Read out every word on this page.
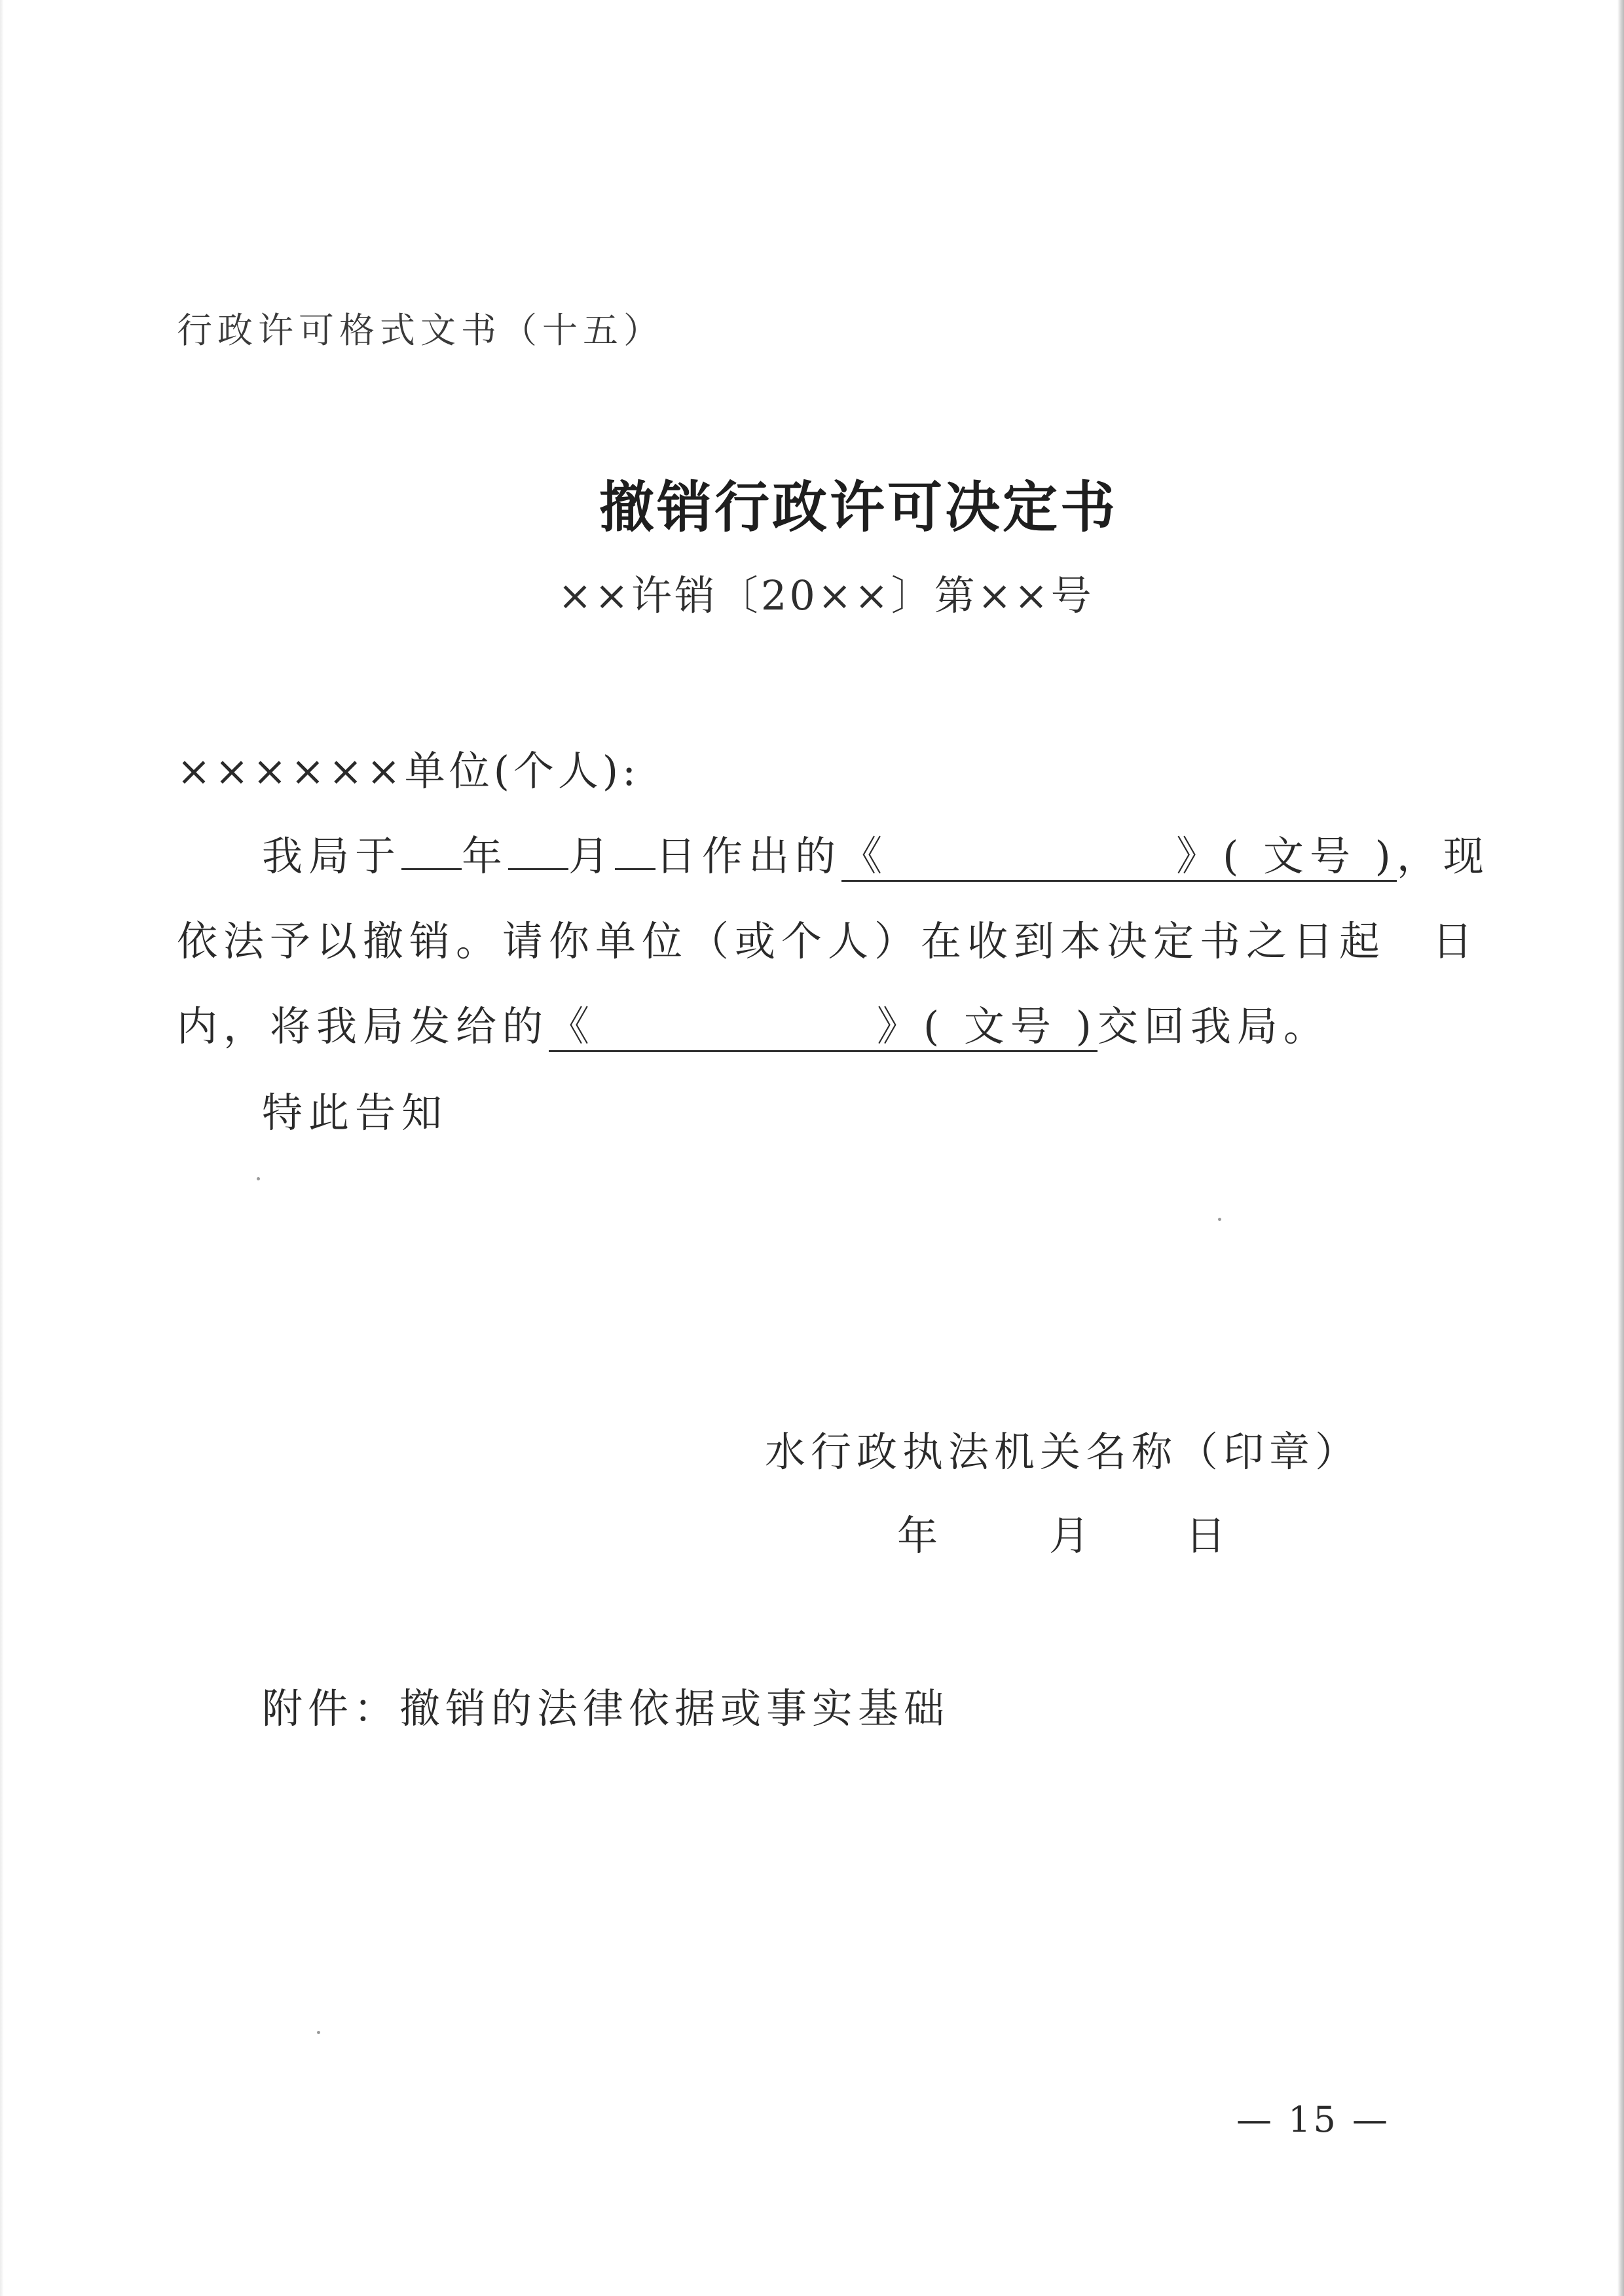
行政许可格式文书（十五）
撤销行政许可决定书
××许销〔20××〕第××号
××××××单位(个人):
我局于 年 月 日作出的《	》( 文号 )，现
依法予以撤销。请你单位（或个人）在收到本决定书之日起　日
内，将我局发给的《	》( 文号 )交回我局。
特此告知
水行政执法机关名称（印章）
年	月 日
附件：撤销的法律依据或事实基础
— 15 —
